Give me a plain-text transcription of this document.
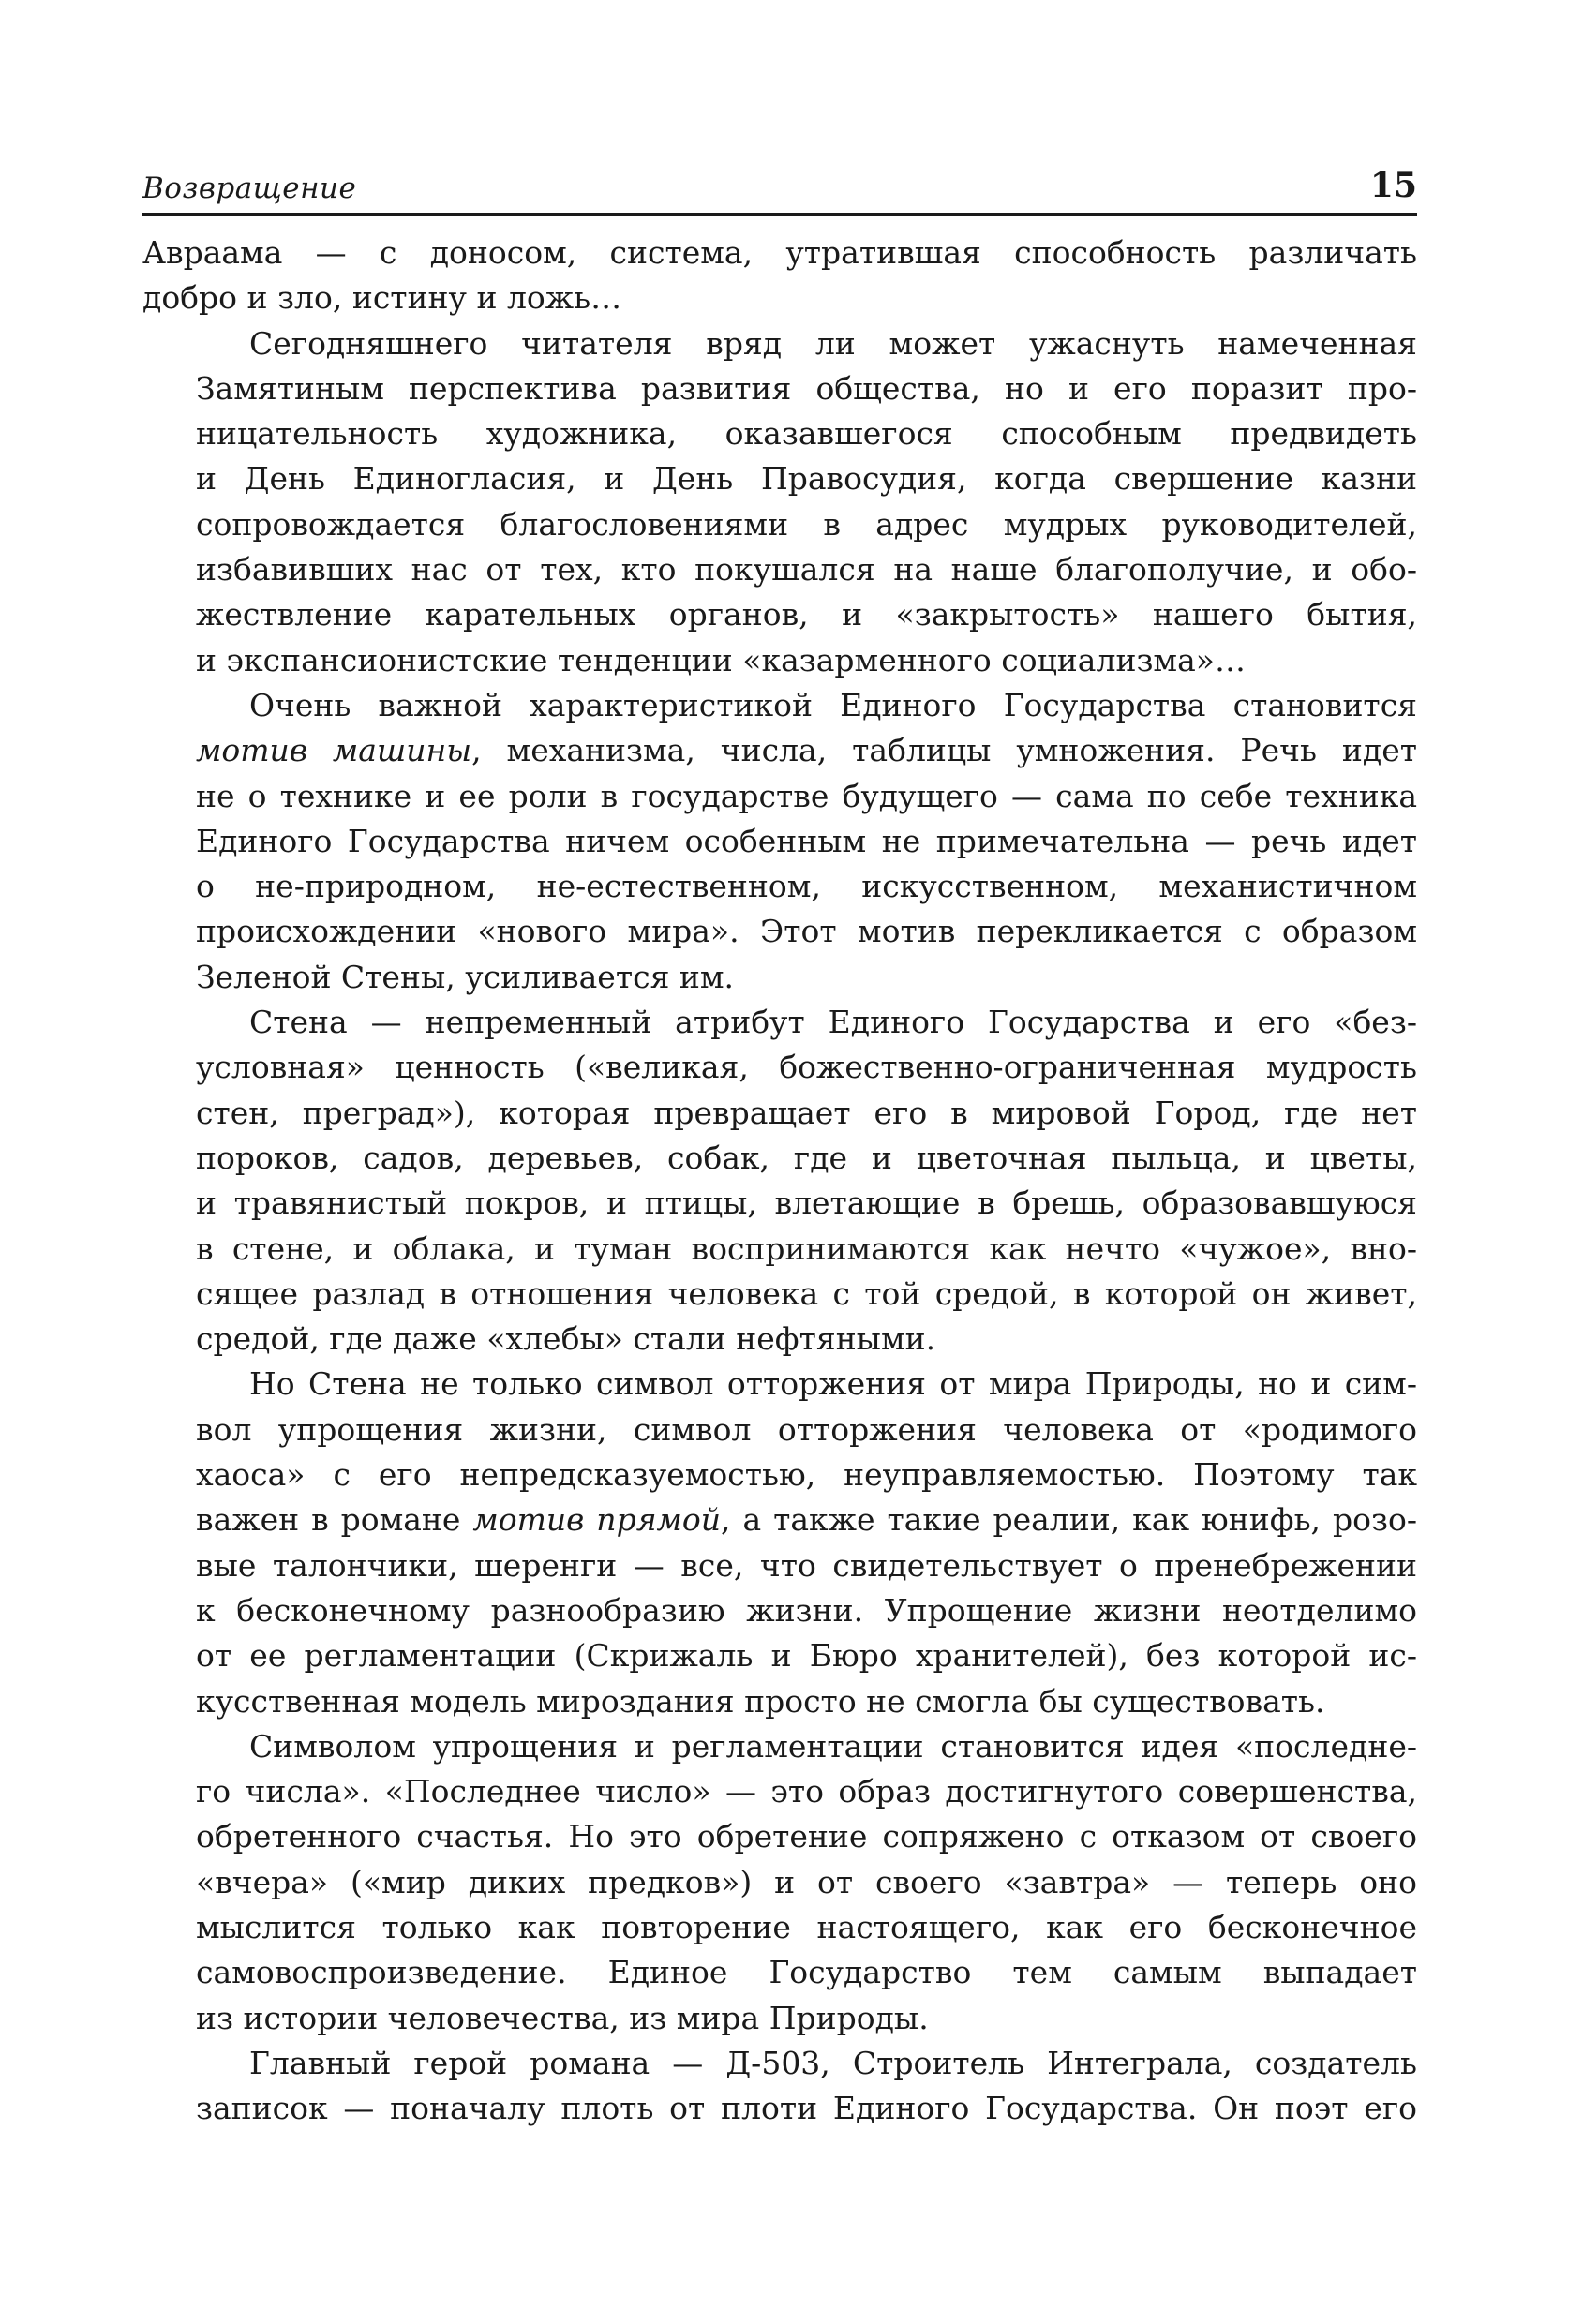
Возвращение	15
Авраама — с доносом, система, утратившая способность различать
добро и зло, истину и ложь…
Сегодняшнего читателя вряд ли может ужаснуть намеченная
Замятиным перспектива развития общества, но и его поразит про-
ницательность художника, оказавшегося способным предвидеть
и День Единогласия, и День Правосудия, когда свершение казни
сопровождается благословениями в адрес мудрых руководителей,
избавивших нас от тех, кто покушался на наше благополучие, и обо-
жествление карательных органов, и «закрытость» нашего бытия,
и экспансионистские тенденции «казарменного социализма»…
Очень важной характеристикой Единого Государства становится
мотив машины, механизма, числа, таблицы умножения. Речь идет
не о технике и ее роли в государстве будущего — сама по себе техника
Единого Государства ничем особенным не примечательна — речь идет
о не-природном, не-естественном, искусственном, механистичном
происхождении «нового мира». Этот мотив перекликается с образом
Зеленой Стены, усиливается им.
Стена — непременный атрибут Единого Государства и его «без-
условная» ценность («великая, божественно-ограниченная мудрость
стен, преград»), которая превращает его в мировой Город, где нет
пороков, садов, деревьев, собак, где и цветочная пыльца, и цветы,
и травянистый покров, и птицы, влетающие в брешь, образовавшуюся
в стене, и облака, и туман воспринимаются как нечто «чужое», вно-
сящее разлад в отношения человека с той средой, в которой он живет,
средой, где даже «хлебы» стали нефтяными.
Но Стена не только символ отторжения от мира Природы, но и сим-
вол упрощения жизни, символ отторжения человека от «родимого
хаоса» с его непредсказуемостью, неуправляемостью. Поэтому так
важен в романе мотив прямой, а также такие реалии, как юнифь, розо-
вые талончики, шеренги — все, что свидетельствует о пренебрежении
к бесконечному разнообразию жизни. Упрощение жизни неотделимо
от ее регламентации (Скрижаль и Бюро хранителей), без которой ис-
кусственная модель мироздания просто не смогла бы существовать.
Символом упрощения и регламентации становится идея «последне-
го числа». «Последнее число» — это образ достигнутого совершенства,
обретенного счастья. Но это обретение сопряжено с отказом от своего
«вчера» («мир диких предков») и от своего «завтра» — теперь оно
мыслится только как повторение настоящего, как его бесконечное
самовоспроизведение. Единое Государство тем самым выпадает
из истории человечества, из мира Природы.
Главный герой романа — Д-503, Строитель Интеграла, создатель
записок — поначалу плоть от плоти Единого Государства. Он поэт его
